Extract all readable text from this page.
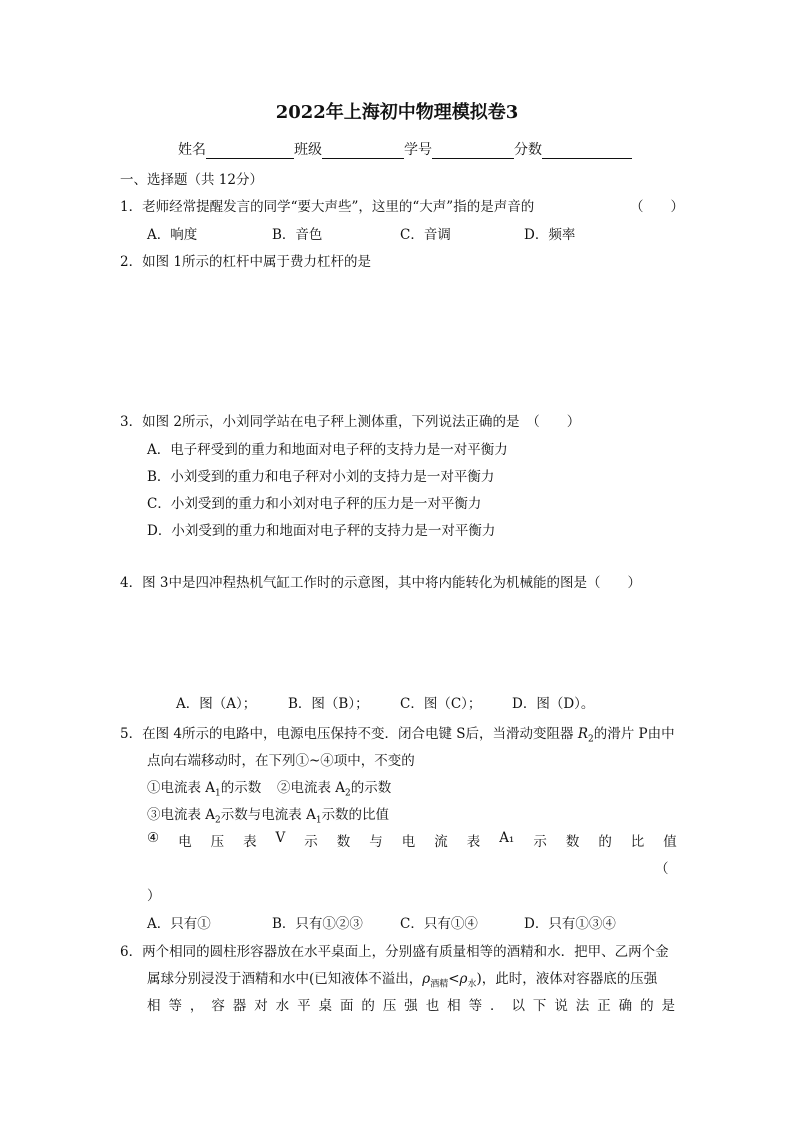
2022年上海初中物理模拟卷3
姓名	班级	学号	分数
一、选择题（共 12分）
1．老师经常提醒发言的同学“要大声些”，这里的“大声”指的是声音的	（　　）
A．响度	B．音色	C．音调	D．频率
2．如图 1所示的杠杆中属于费力杠杆的是
3．如图 2所示，小刘同学站在电子秤上测体重，下列说法正确的是　（　　）
A．电子秤受到的重力和地面对电子秤的支持力是一对平衡力
B．小刘受到的重力和电子秤对小刘的支持力是一对平衡力
C．小刘受到的重力和小刘对电子秤的压力是一对平衡力
D．小刘受到的重力和地面对电子秤的支持力是一对平衡力
4．图 3中是四冲程热机气缸工作时的示意图，其中将内能转化为机械能的图是（　　）
A．图（A）； B．图（B）； C．图（C）； D．图（D）。
5．在图 4所示的电路中，电源电压保持不变．闭合电键 S后，当滑动变阻器 $R_2$的滑片 P由中
点向右端移动时，在下列①~④项中，不变的
①电流表 $A_1$的示数 ②电流表 $A_2$的示数
③电流表 $A_2$示数与电流表 $A_1$示数的比值
④ 电 压 表 V 示 数 与 电 流 表 A₁ 示 数 的 比 值
（
）
A．只有①	B．只有①②③	C．只有①④	D．只有①③④
6．两个相同的圆柱形容器放在水平桌面上，分别盛有质量相等的酒精和水．把甲、乙两个金
属球分别浸没于酒精和水中(已知液体不溢出，$\rho_{酒精}<\rho_水$)，此时，液体对容器底的压强
相 等 ， 容 器 对 水 平 桌 面 的 压 强 也 相 等 ． 以 下 说 法 正 确 的 是
